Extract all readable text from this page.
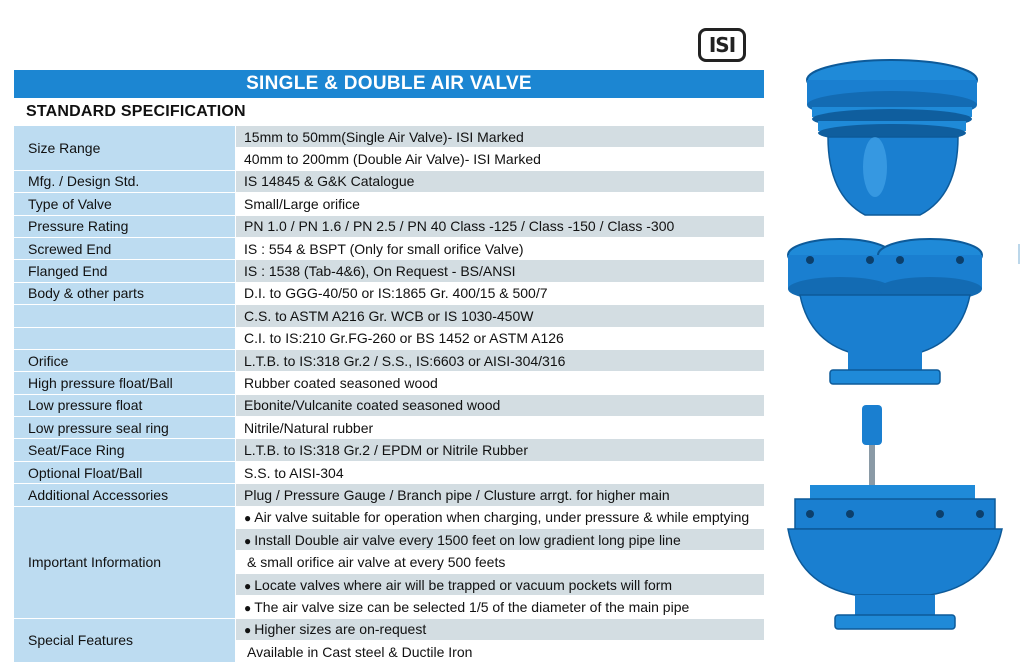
ISI
SINGLE & DOUBLE AIR VALVE
STANDARD SPECIFICATION
Size Range	15mm to 50mm(Single Air Valve)- ISI Marked
	40mm to 200mm (Double Air Valve)- ISI Marked
Mfg. / Design Std.	IS 14845 & G&K Catalogue
Type of Valve	Small/Large orifice
Pressure Rating	PN 1.0 / PN 1.6 / PN 2.5 / PN 40 Class -125 / Class -150 / Class -300
Screwed End	IS : 554 & BSPT (Only for small orifice Valve)
Flanged End	IS : 1538 (Tab-4&6), On Request - BS/ANSI
Body & other parts	D.I. to GGG-40/50 or IS:1865 Gr. 400/15 & 500/7
	C.S. to ASTM A216 Gr. WCB or IS 1030-450W
	C.I. to IS:210 Gr.FG-260 or BS 1452 or ASTM A126
Orifice	L.T.B. to IS:318 Gr.2 / S.S., IS:6603 or AISI-304/316
High pressure float/Ball	Rubber coated seasoned wood
Low pressure float	Ebonite/Vulcanite coated seasoned wood
Low pressure seal ring	Nitrile/Natural rubber
Seat/Face Ring	L.T.B. to IS:318 Gr.2 / EPDM or Nitrile Rubber
Optional Float/Ball	S.S. to AISI-304
Additional Accessories	Plug / Pressure Gauge / Branch pipe / Clusture arrgt. for higher main
Important Information	● Air valve suitable for operation when charging, under pressure & while emptying
	● Install Double air valve every 1500 feet on low gradient long pipe line
	& small orifice air valve at every 500 feets
	● Locate valves where air will be trapped or vacuum pockets will form
	● The air valve size can be selected 1/5 of the diameter of the main pipe
Special Features	● Higher sizes are on-request
	Available in Cast steel & Ductile Iron
